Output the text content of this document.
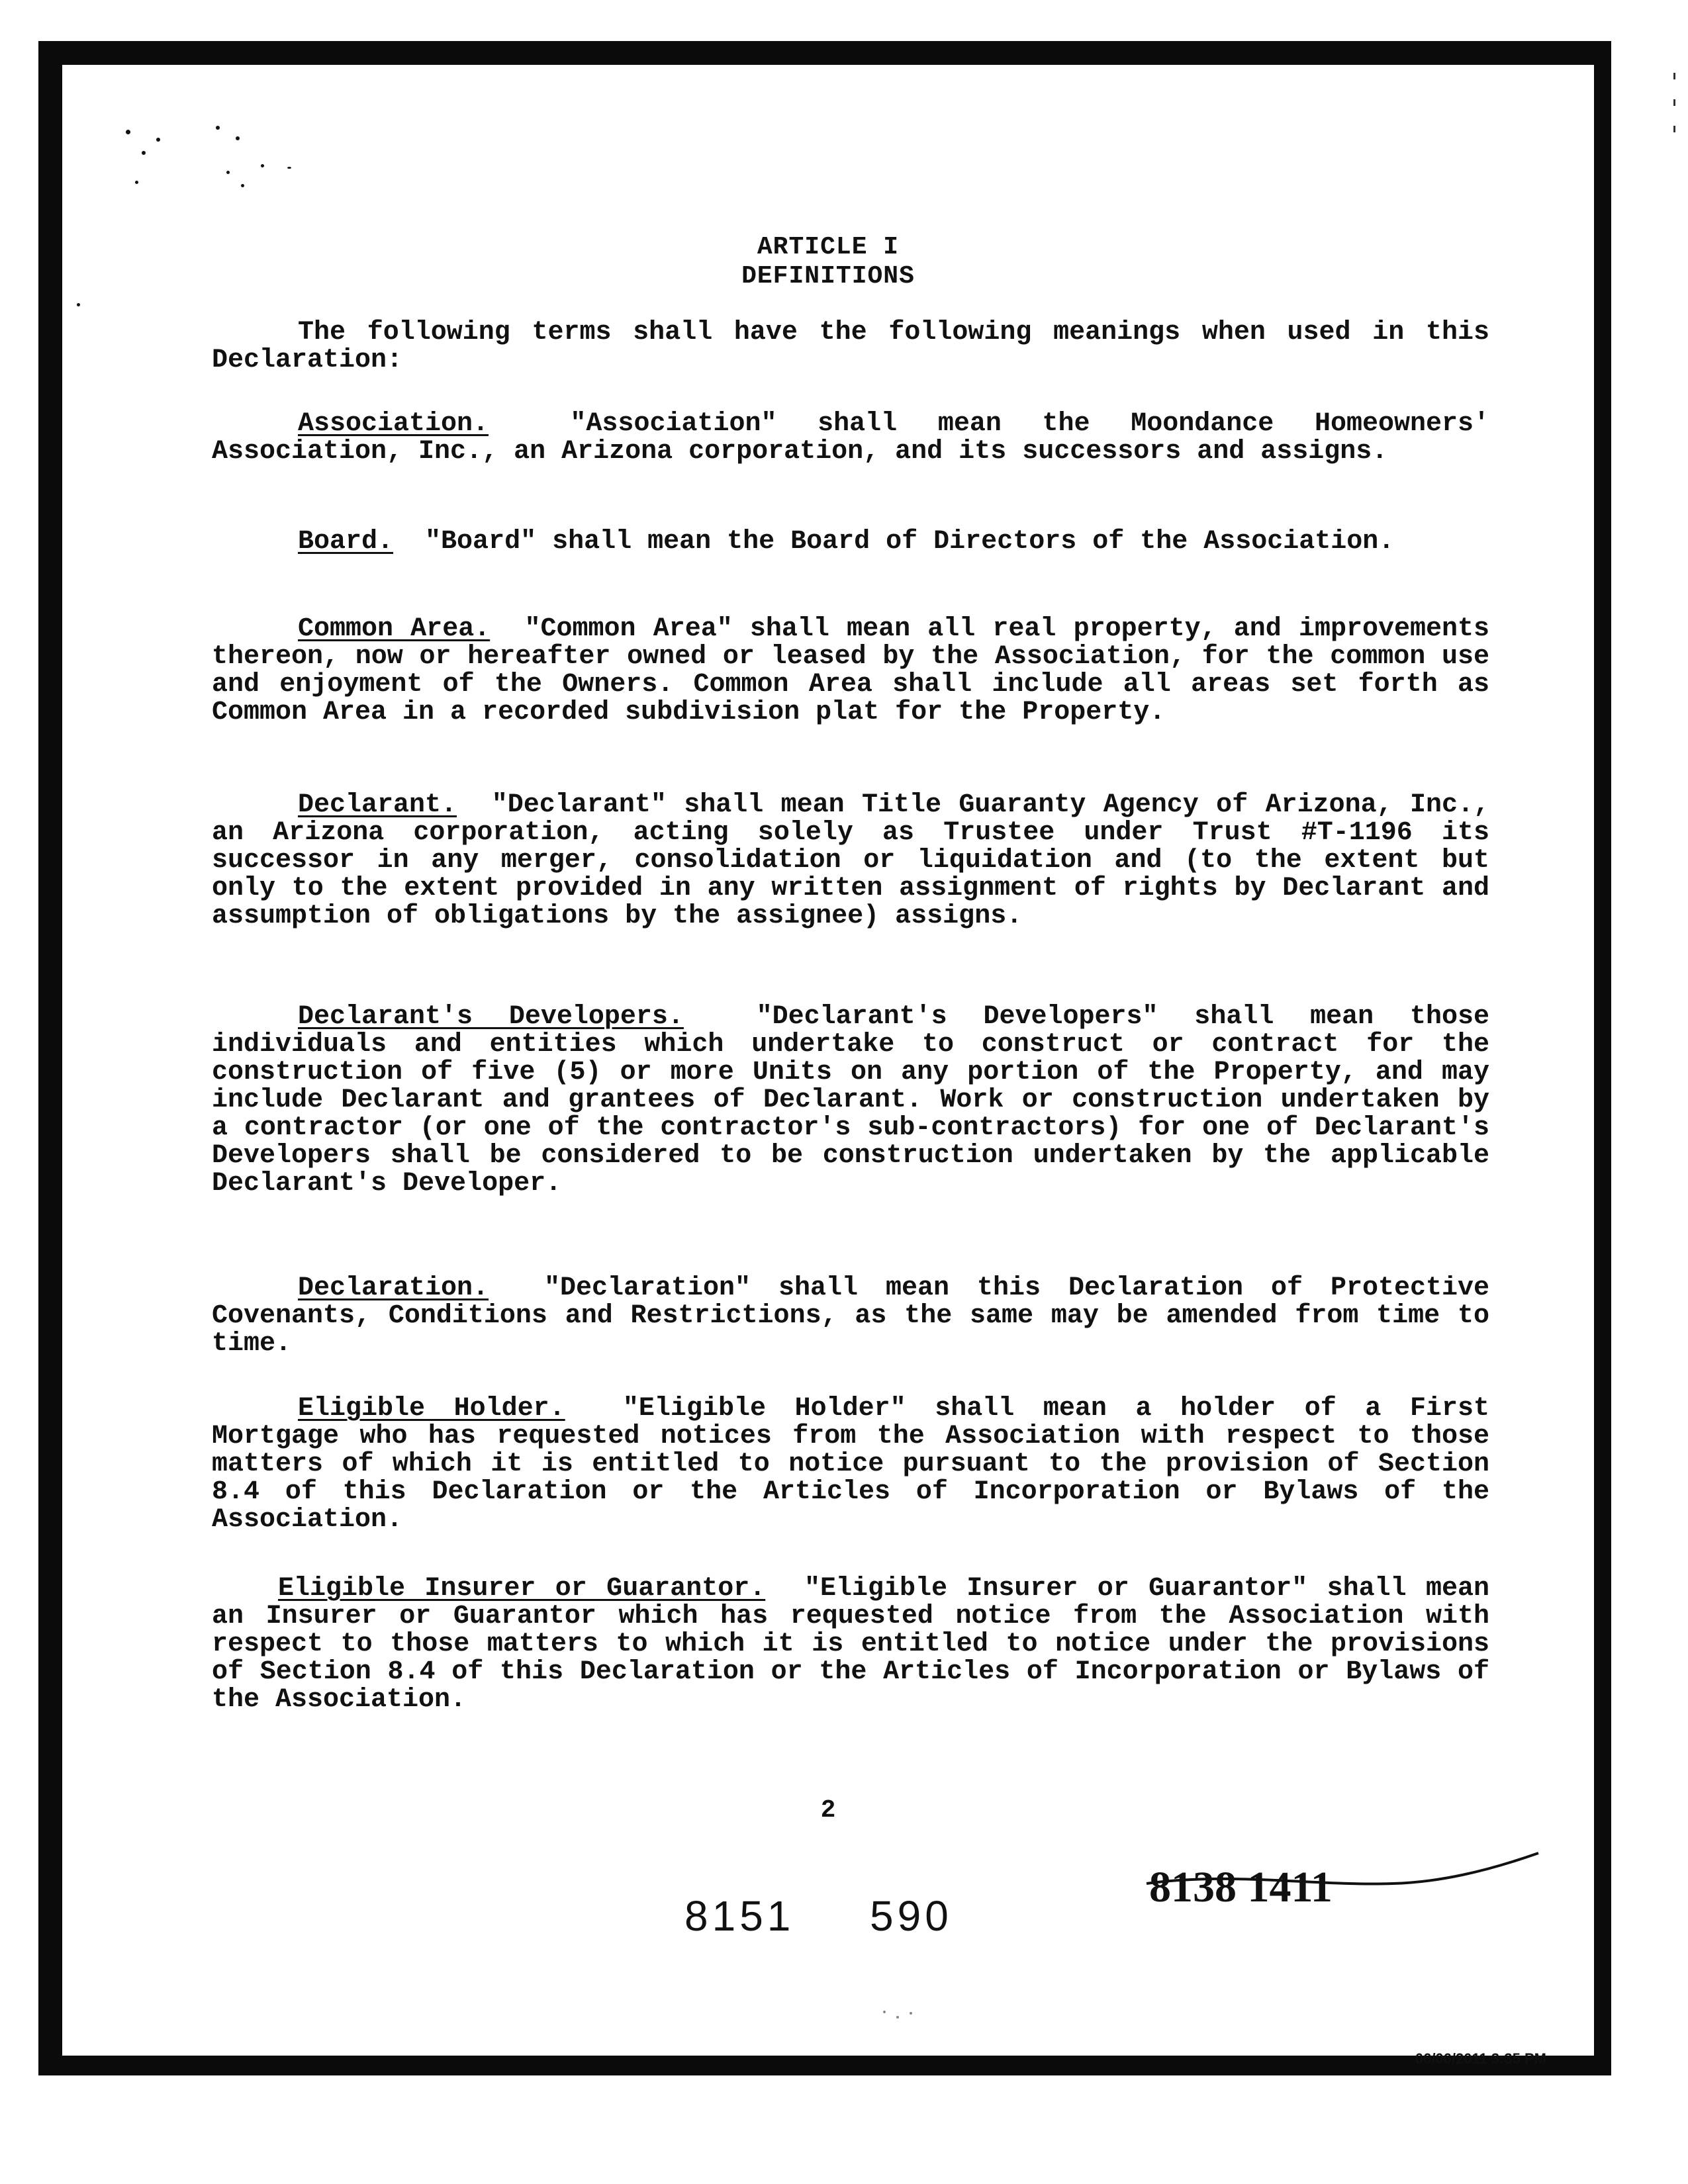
ARTICLE I
DEFINITIONS
The following terms shall have the following meanings when used in this Declaration:
Association.	"Association" shall mean the Moondance Homeowners' Association, Inc., an Arizona corporation, and its successors and assigns.
Board. "Board" shall mean the Board of Directors of the Association.
Common Area. "Common Area" shall mean all real property, and improvements thereon, now or hereafter owned or leased by the Association, for the common use and enjoyment of the Owners. Common Area shall include all areas set forth as Common Area in a recorded subdivision plat for the Property.
Declarant. "Declarant" shall mean Title Guaranty Agency of Arizona, Inc., an Arizona corporation, acting solely as Trustee under Trust #T-1196 its successor in any merger, consolidation or liquidation and (to the extent but only to the extent provided in any written assignment of rights by Declarant and assumption of obligations by the assignee) assigns.
Declarant's Developers.	"Declarant's Developers" shall mean those individuals and entities which undertake to construct or contract for the construction of five (5) or more Units on any portion of the Property, and may include Declarant and grantees of Declarant. Work or construction undertaken by a contractor (or one of the contractor's sub-contractors) for one of Declarant's Developers shall be considered to be construction undertaken by the applicable Declarant's Developer.
Declaration. "Declaration" shall mean this Declaration of Protective Covenants, Conditions and Restrictions, as the same may be amended from time to time.
Eligible Holder. "Eligible Holder" shall mean a holder of a First Mortgage who has requested notices from the Association with respect to those matters of which it is entitled to notice pursuant to the provision of Section 8.4 of this Declaration or the Articles of Incorporation or Bylaws of the Association.
Eligible Insurer or Guarantor. "Eligible Insurer or Guarantor" shall mean an Insurer or Guarantor which has requested notice from the Association with respect to those matters to which it is entitled to notice under the provisions of Section 8.4 of this Declaration or the Articles of Incorporation or Bylaws of the Association.
2
8151 590
8138 1411
06/06/2011 3:35 PM
